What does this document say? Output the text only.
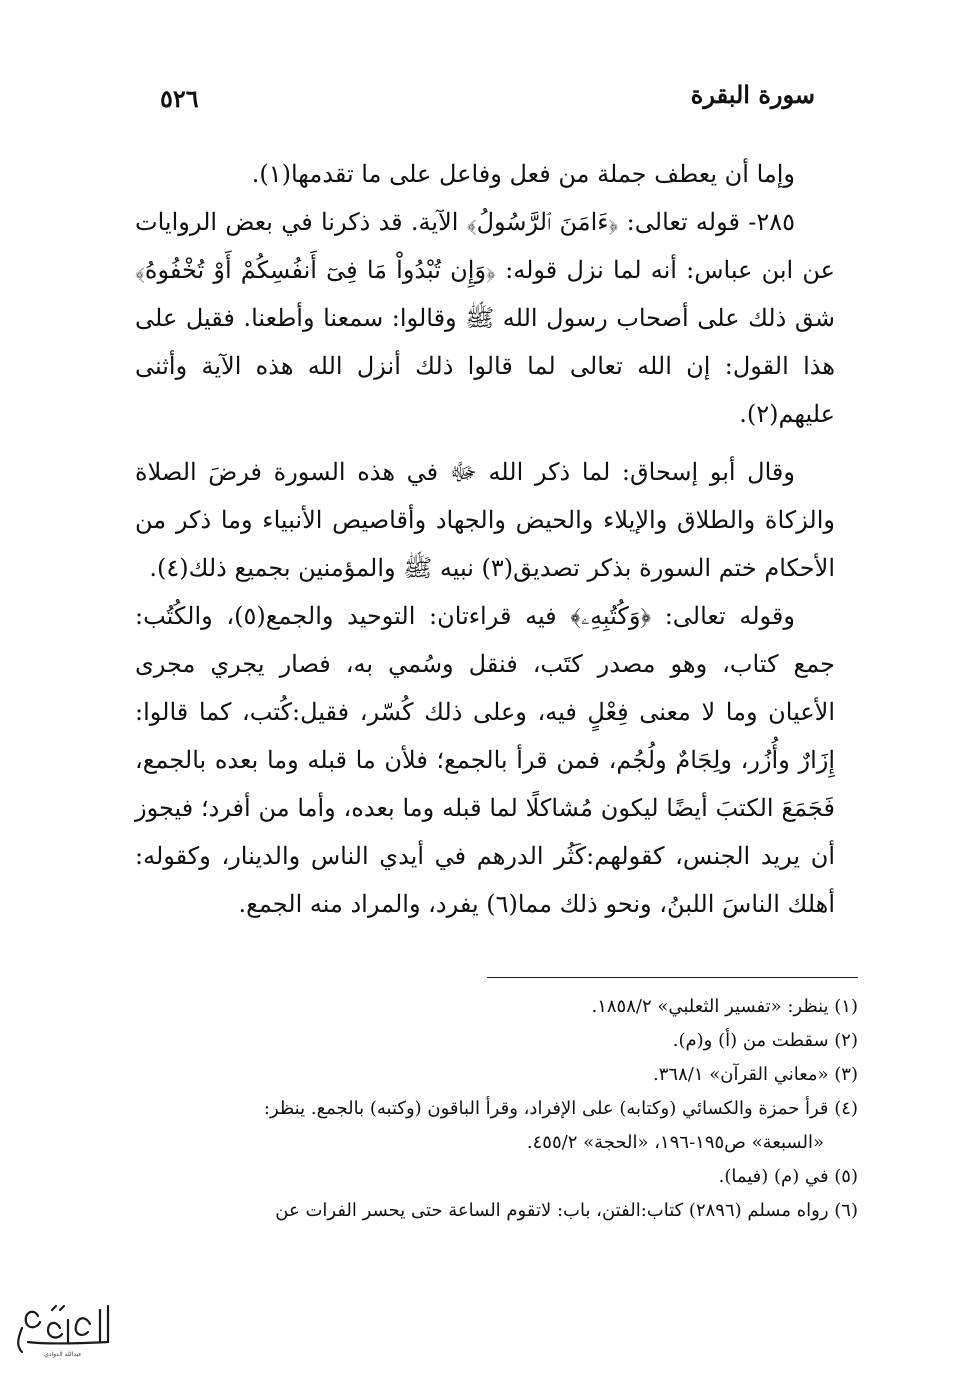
سورة البقرة
٥٢٦

وإما أن يعطف جملة من فعل وفاعل على ما تقدمها(١).

٢٨٥- قوله تعالى: ﴿ءَامَنَ ٱلرَّسُولُ﴾ الآية. قد ذكرنا في بعض الروايات عن ابن عباس: أنه لما نزل قوله: ﴿وَإِن تُبْدُواْ مَا فِىٓ أَنفُسِكُمْ أَوْ تُخْفُوهُ﴾ شق ذلك على أصحاب رسول الله ﷺ وقالوا: سمعنا وأطعنا. فقيل على هذا القول: إن الله تعالى لما قالوا ذلك أنزل الله هذه الآية وأثنى عليهم(٢).

وقال أبو إسحاق: لما ذكر الله ﷻ في هذه السورة فرضَ الصلاة والزكاة والطلاق والإيلاء والحيض والجهاد وأقاصيص الأنبياء وما ذكر من الأحكام ختم السورة بذكر تصديق(٣) نبيه ﷺ والمؤمنين بجميع ذلك(٤).

وقوله تعالى: ﴿وَكُتُبِهِۦ﴾ فيه قراءتان: التوحيد والجمع(٥)، والكُتُب: جمع كتاب، وهو مصدر كتَب، فنقل وسُمي به، فصار يجري مجرى الأعيان وما لا معنى فِعْلٍ فيه، وعلى ذلك كُسّر، فقيل:كُتب، كما قالوا: إِزَارٌ وأُزُر، ولِجَامٌ ولُجُم، فمن قرأ بالجمع؛ فلأن ما قبله وما بعده بالجمع، فَجَمَعَ الكتبَ أيضًا ليكون مُشاكلًا لما قبله وما بعده، وأما من أفرد؛ فيجوز أن يريد الجنس، كقولهم:كَثُر الدرهم في أيدي الناس والدينار، وكقوله: أهلك الناسَ اللبنُ، ونحو ذلك مما(٦) يفرد، والمراد منه الجمع.

(١) ينظر: «تفسير الثعلبي» ١٨٥٨/٢.

(٢) سقطت من (أ) و(م).

(٣) «معاني القرآن» ٣٦٨/١.

(٤) قرأ حمزة والكسائي (وكتابه) على الإفراد، وقرأ الباقون (وكتبه) بالجمع. ينظر:

«السبعة» ص١٩٥-١٩٦، «الحجة» ٤٥٥/٢.

(٥) في (م) (فيما).

(٦) رواه مسلم (٢٨٩٦) كتاب:الفتن، باب: لاتقوم الساعة حتى يحسر الفرات عن

عبدالله الدوادي
